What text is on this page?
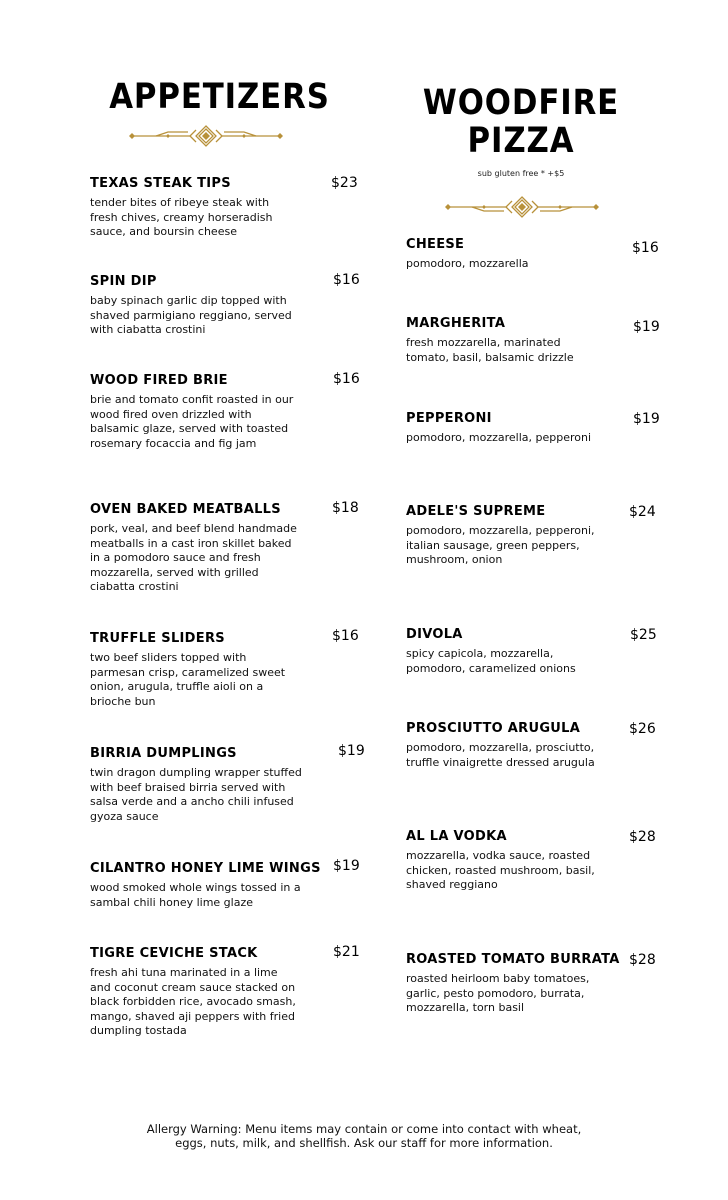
APPETIZERS	WOODFIRE
PIZZA
sub gluten free * +$5
TEXAS STEAK TIPS
tender bites of ribeye steak with fresh chives, creamy horseradish sauce, and boursin cheese
$23
SPIN DIP
baby spinach garlic dip topped with shaved parmigiano reggiano, served with ciabatta crostini
$16
WOOD FIRED BRIE
brie and tomato confit roasted in our wood fired oven drizzled with balsamic glaze, served with toasted rosemary focaccia and fig jam
$16
OVEN BAKED MEATBALLS
pork, veal, and beef blend handmade meatballs in a cast iron skillet baked in a pomodoro sauce and fresh mozzarella, served with grilled ciabatta crostini
$18
TRUFFLE SLIDERS
two beef sliders topped with parmesan crisp, caramelized sweet onion, arugula, truffle aioli on a brioche bun
$16
BIRRIA DUMPLINGS
twin dragon dumpling wrapper stuffed with beef braised birria served with salsa verde and a ancho chili infused gyoza sauce
$19
CILANTRO HONEY LIME WINGS
wood smoked whole wings tossed in a sambal chili honey lime glaze
$19
TIGRE CEVICHE STACK
fresh ahi tuna marinated in a lime and coconut cream sauce stacked on black forbidden rice, avocado smash, mango, shaved aji peppers with fried dumpling tostada
$21
CHEESE
pomodoro, mozzarella
$16
MARGHERITA
fresh mozzarella, marinated tomato, basil, balsamic drizzle
$19
PEPPERONI
pomodoro, mozzarella, pepperoni
$19
ADELE'S SUPREME
pomodoro, mozzarella, pepperoni, italian sausage, green peppers, mushroom, onion
$24
DIVOLA
spicy capicola, mozzarella, pomodoro, caramelized onions
$25
PROSCIUTTO ARUGULA
pomodoro, mozzarella, prosciutto, truffle vinaigrette dressed arugula
$26
AL LA VODKA
mozzarella, vodka sauce, roasted chicken, roasted mushroom, basil, shaved reggiano
$28
ROASTED TOMATO BURRATA
roasted heirloom baby tomatoes, garlic, pesto pomodoro, burrata, mozzarella, torn basil
$28
Allergy Warning: Menu items may contain or come into contact with wheat,
eggs, nuts, milk, and shellfish. Ask our staff for more information.
